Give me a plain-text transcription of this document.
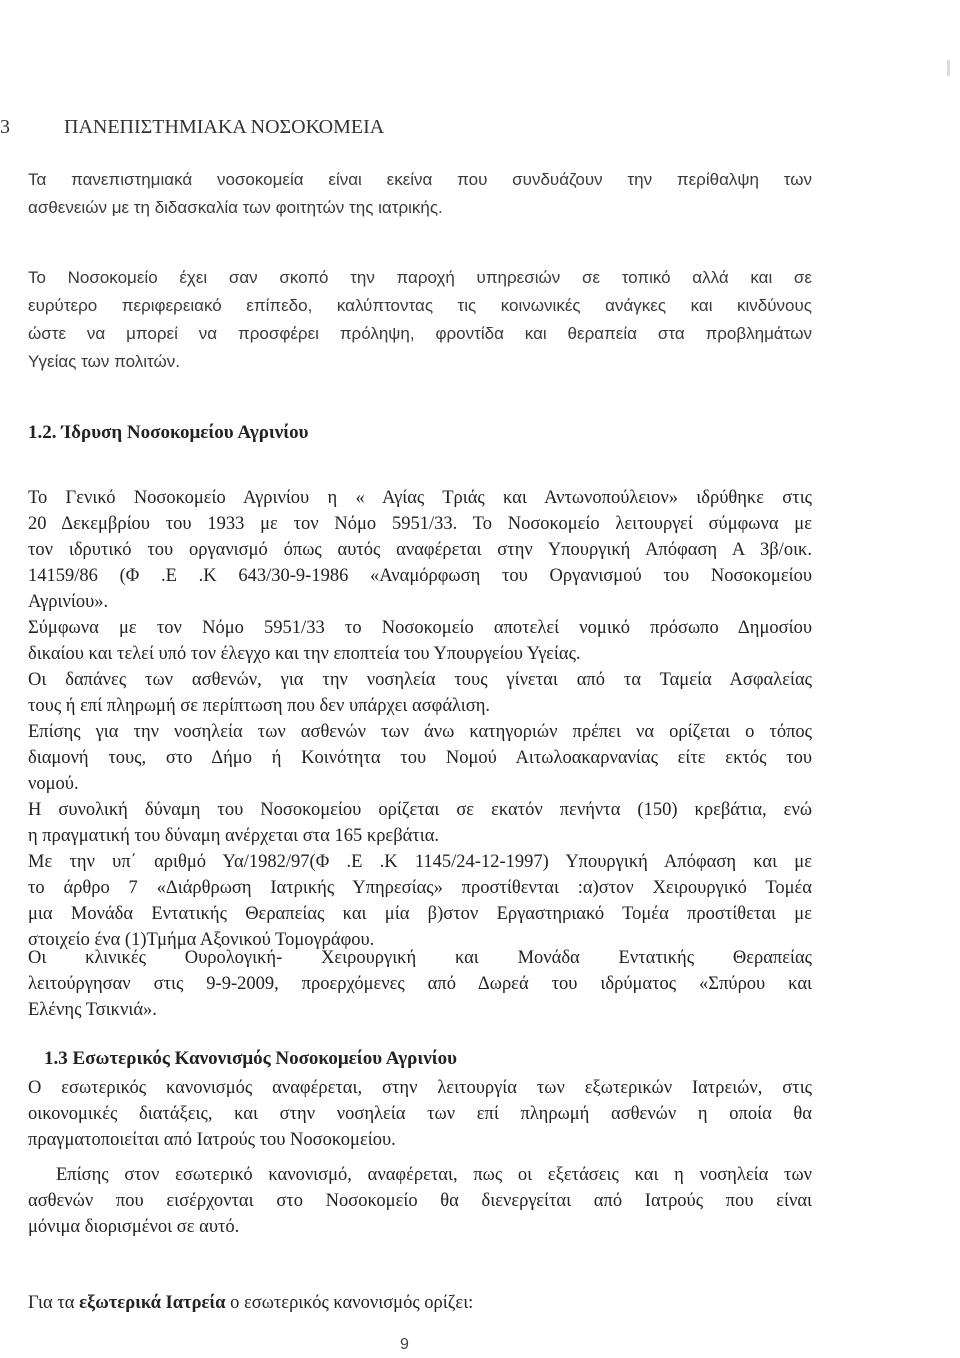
3	ΠΑΝΕΠΙΣΤΗΜΙΑΚΑ ΝΟΣΟΚΟΜΕΙΑ
Τα πανεπιστημιακά νοσοκομεία είναι εκείνα που συνδυάζουν την περίθαλψη των
ασθενειών με τη διδασκαλία των φοιτητών της ιατρικής.
Το Νοσοκομείο έχει σαν σκοπό την παροχή υπηρεσιών σε τοπικό αλλά και σε
ευρύτερο περιφερειακό επίπεδο, καλύπτοντας τις κοινωνικές ανάγκες και κινδύνους
ώστε να μπορεί να προσφέρει πρόληψη, φροντίδα και θεραπεία στα προβλημάτων
Υγείας των πολιτών.
1.2. Ίδρυση Νοσοκομείου Αγρινίου
Το Γενικό Νοσοκομείο Αγρινίου η « Αγίας Τριάς και Αντωνοπούλειον» ιδρύθηκε στις
20 Δεκεμβρίου του 1933 με τον Νόμο 5951/33. Το Νοσοκομείο λειτουργεί σύμφωνα με
τον ιδρυτικό του οργανισμό όπως αυτός αναφέρεται στην Υπουργική Απόφαση Α 3β/οικ.
14159/86 (Φ .Ε .Κ 643/30-9-1986 «Αναμόρφωση του Οργανισμού του Νοσοκομείου
Αγρινίου».
Σύμφωνα με τον Νόμο 5951/33 το Νοσοκομείο αποτελεί νομικό πρόσωπο Δημοσίου
δικαίου και τελεί υπό τον έλεγχο και την εποπτεία του Υπουργείου Υγείας.
Οι δαπάνες των ασθενών, για την νοσηλεία τους γίνεται από τα Ταμεία Ασφαλείας
τους ή επί πληρωμή σε περίπτωση που δεν υπάρχει ασφάλιση.
Επίσης για την νοσηλεία των ασθενών των άνω κατηγοριών πρέπει να ορίζεται ο τόπος
διαμονή τους, στο Δήμο ή Κοινότητα του Νομού Αιτωλοακαρνανίας είτε εκτός του
νομού.
Η συνολική δύναμη του Νοσοκομείου ορίζεται σε εκατόν πενήντα (150) κρεβάτια, ενώ
η πραγματική του δύναμη ανέρχεται στα 165 κρεβάτια.
Με την υπ΄ αριθμό Υα/1982/97(Φ .Ε .Κ 1145/24-12-1997) Υπουργική Απόφαση και με
το άρθρο 7 «Διάρθρωση Ιατρικής Υπηρεσίας» προστίθενται :α)στον Χειρουργικό Τομέα
μια Μονάδα Εντατικής Θεραπείας και μία β)στον Εργαστηριακό Τομέα προστίθεται με
στοιχείο ένα (1)Τμήμα Αξονικού Τομογράφου.
Οι κλινικές Ουρολογική- Χειρουργική και Μονάδα Εντατικής Θεραπείας
λειτούργησαν στις 9-9-2009, προερχόμενες από Δωρεά του ιδρύματος «Σπύρου και
Ελένης Τσικνιά».
1.3 Εσωτερικός Κανονισμός Νοσοκομείου Αγρινίου
Ο εσωτερικός κανονισμός αναφέρεται, στην λειτουργία των εξωτερικών Ιατρειών, στις
οικονομικές διατάξεις, και στην νοσηλεία των επί πληρωμή ασθενών η οποία θα
πραγματοποιείται από Ιατρούς του Νοσοκομείου.
Επίσης στον εσωτερικό κανονισμό, αναφέρεται, πως οι εξετάσεις και η νοσηλεία των
ασθενών που εισέρχονται στο Νοσοκομείο θα διενεργείται από Ιατρούς που είναι
μόνιμα διορισμένοι σε αυτό.
Για τα εξωτερικά Ιατρεία ο εσωτερικός κανονισμός ορίζει:
9
